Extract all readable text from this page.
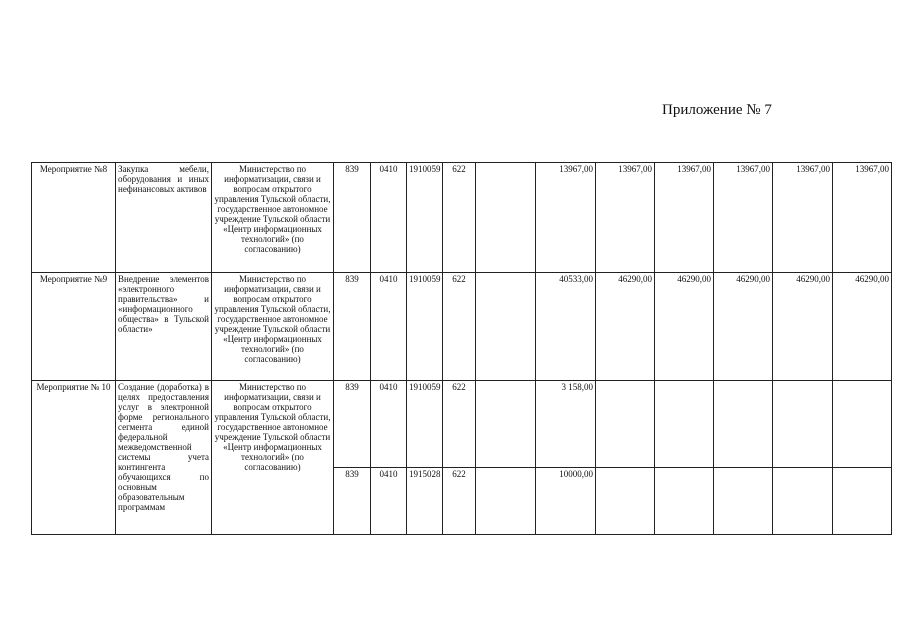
Приложение № 7
Мероприятие №8	Закупка мебели, оборудования и иных нефинансовых активов	Министерство по информатизации, связи и вопросам открытого управления Тульской области, государственное автономное учреждение Тульской области «Центр информационных технологий» (по согласованию)	839	0410	1910059	622		13967,00	13967,00	13967,00	13967,00	13967,00	13967,00
Мероприятие №9	Внедрение элементов «электронного правительства» и «информационного общества» в Тульской области»	Министерство по информатизации, связи и вопросам открытого управления Тульской области, государственное автономное учреждение Тульской области «Центр информационных технологий» (по согласованию)	839	0410	1910059	622		40533,00	46290,00	46290,00	46290,00	46290,00	46290,00
Мероприятие № 10	Создание (доработка) в целях предоставления услуг в электронной форме регионального сегмента единой федеральной межведомственной системы учета контингента обучающихся по основным образовательным программам	Министерство по информатизации, связи и вопросам открытого управления Тульской области, государственное автономное учреждение Тульской области «Центр информационных технологий» (по согласованию)	839	0410	1910059	622		3 158,00					
			839	0410	1915028	622		10000,00					
